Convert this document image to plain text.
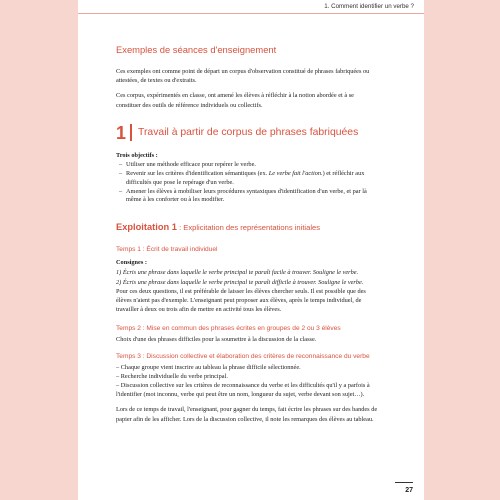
1. Comment identifier un verbe ?
Exemples de séances d'enseignement

Ces exemples ont comme point de départ un corpus d'observation constitué de phrases fabriquées ou attestées, de textes ou d'extraits.

Ces corpus, expérimentés en classe, ont amené les élèves à réfléchir à la notion abordée et à se constituer des outils de référence individuels ou collectifs.

1 Travail à partir de corpus de phrases fabriquées
Trois objectifs :
– Utiliser une méthode efficace pour repérer le verbe.
– Revenir sur les critères d'identification sémantiques (ex. Le verbe fait l'action.) et réfléchir aux difficultés que pose le repérage d'un verbe.
– Amener les élèves à mobiliser leurs procédures syntaxiques d'identification d'un verbe, et par là même à les conforter ou à les modifier.
Exploitation 1 : Explicitation des représentations initiales
Temps 1 : Écrit de travail individuel
Consignes :

1) Écris une phrase dans laquelle le verbe principal te paraît facile à trouver. Souligne le verbe.

2) Écris une phrase dans laquelle le verbe principal te paraît difficile à trouver. Souligne le verbe.

Pour ces deux questions, il est préférable de laisser les élèves chercher seuls. Il est possible que des élèves n'aient pas d'exemple. L'enseignant peut proposer aux élèves, après le temps individuel, de travailler à deux ou trois afin de mettre en activité tous les élèves.

Temps 2 : Mise en commun des phrases écrites en groupes de 2 ou 3 élèves

Choix d'une des phrases difficiles pour la soumettre à la discussion de la classe.

Temps 3 : Discussion collective et élaboration des critères de reconnaissance du verbe

– Chaque groupe vient inscrire au tableau la phrase difficile sélectionnée.

– Recherche individuelle du verbe principal.

– Discussion collective sur les critères de reconnaissance du verbe et les difficultés qu'il y a parfois à l'identifier (mot inconnu, verbe qui peut être un nom, longueur du sujet, verbe devant son sujet…).

Lors de ce temps de travail, l'enseignant, pour gagner du temps, fait écrire les phrases sur des bandes de papier afin de les afficher. Lors de la discussion collective, il note les remarques des élèves au tableau.

27
